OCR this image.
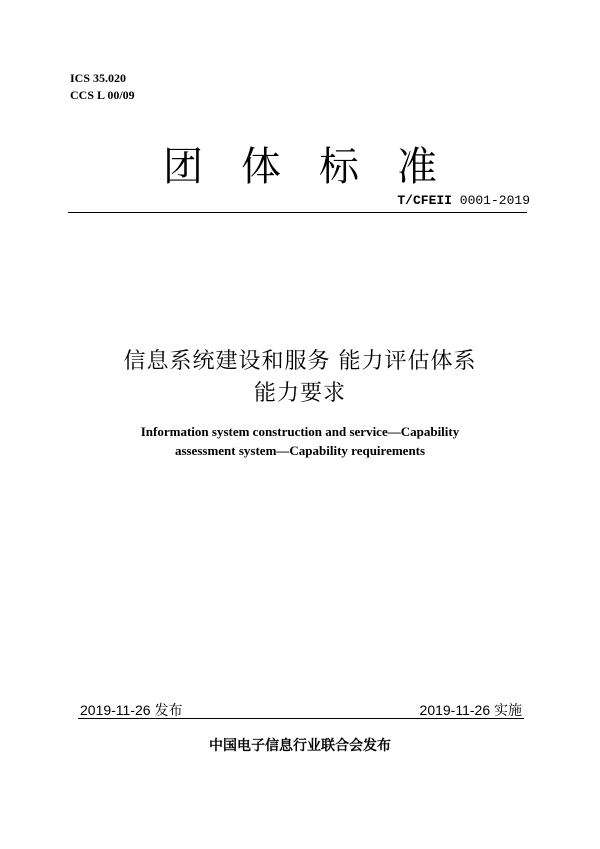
ICS 35.020
CCS L 00/09
团体标准
T/CFEII 0001-2019
信息系统建设和服务 能力评估体系
能力要求
Information system construction and service—Capability
assessment system—Capability requirements
2019-11-26 发布	2019-11-26 实施
中国电子信息行业联合会发布
